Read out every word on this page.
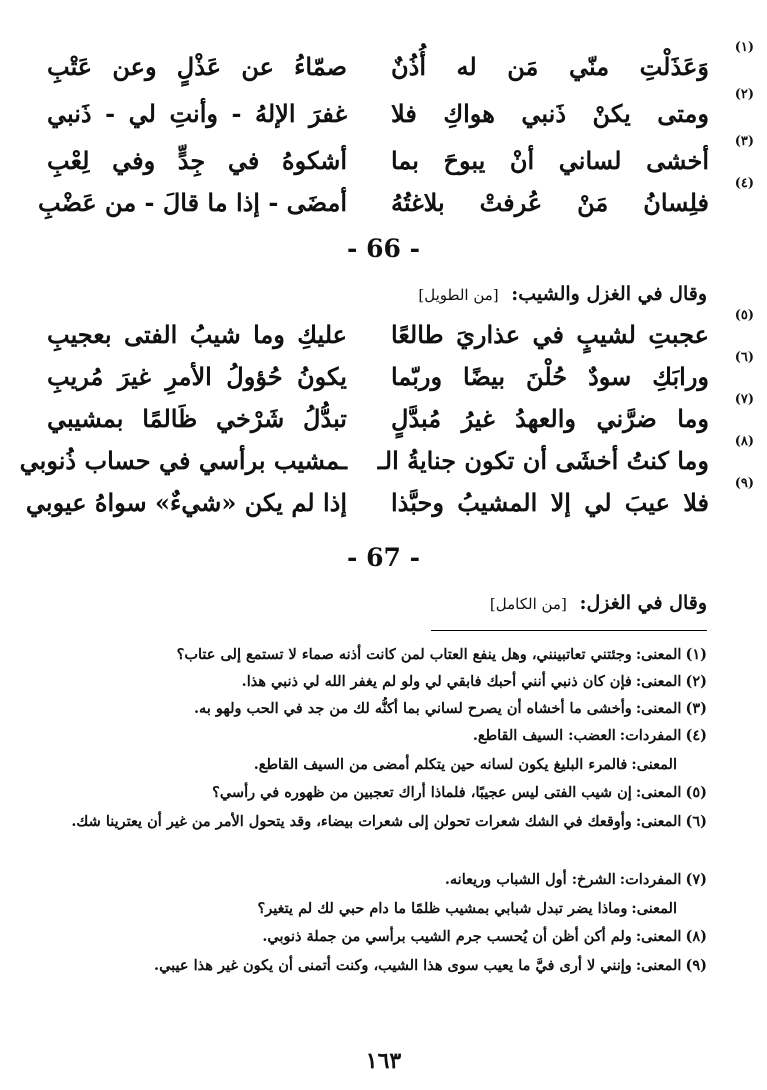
(١)
وَعَذَلْتِ منّي مَن له أُذُنٌ
صمّاءُ عن عَذْلٍ وعن عَتْبِ
(٢)
ومتى يكنْ ذَنبي هواكِ فلا
غفرَ الإلهُ - وأنتِ لي - ذَنبي
(٣)
أخشى لساني أنْ يبوحَ بما
أشكوهُ في جِدٍّ وفي لِعْبِ
(٤)
فلِسانُ مَنْ عُرفتْ بلاغتُهُ
أمضَى - إذا ما قالَ - من عَضْبِ
- 66 -
وقال في الغزل والشيب: [من الطويل]
(٥)
عجبتِ لشيبٍ في عذاريَ طالعًا
عليكِ وما شيبُ الفتى بعجيبِ
(٦)
ورابَكِ سودٌ حُلْنَ بيضًا وربّما
يكونُ حُؤولُ الأمرِ غيرَ مُريبِ
(٧)
وما ضرَّني والعهدُ غيرُ مُبدَّلٍ
تبدُّلُ شَرْخي ظَالمًا بمشيبي
(٨)
وما كنتُ أخشَى أن تكون جنايةُ الـ
ـمشيب برأسي في حساب ذُنوبي
(٩)
فلا عيبَ لي إلا المشيبُ وحبَّذا
إذا لم يكن «شيءٌ» سواهُ عيوبي
- 67 -
وقال في الغزل: [من الكامل]
(١)المعنى:وجئتني تعاتبينني، وهل ينفع العتاب لمن كانت أذنه صماء لا تستمع إلى عتاب؟
(٢)المعنى:فإن كان ذنبي أنني أحبك فابقي لي ولو لم يغفر الله لي ذنبي هذا.
(٣)المعنى:وأخشى ما أخشاه أن يصرح لساني بما أكنُّه لك من جد في الحب ولهو به.
(٤)المفردات:العضب: السيف القاطع.
المعنى:فالمرء البليغ يكون لسانه حين يتكلم أمضى من السيف القاطع.
(٥)المعنى:إن شيب الفتى ليس عجيبًا، فلماذا أراك تعجبين من ظهوره في رأسي؟
(٦)المعنى:وأوقعك في الشك شعرات تحولن إلى شعرات بيضاء، وقد يتحول الأمر من غير أن يعترينا شك.
(٧)المفردات:الشرخ: أول الشباب وريعانه.
المعنى:وماذا يضر تبدل شبابي بمشيب ظلمًا ما دام حبي لك لم يتغير؟
(٨)المعنى:ولم أكن أظن أن يُحسب جرم الشيب برأسي من جملة ذنوبي.
(٩)المعنى:وإنني لا أرى فيَّ ما يعيب سوى هذا الشيب، وكنت أتمنى أن يكون غير هذا عيبي.
١٦٣
